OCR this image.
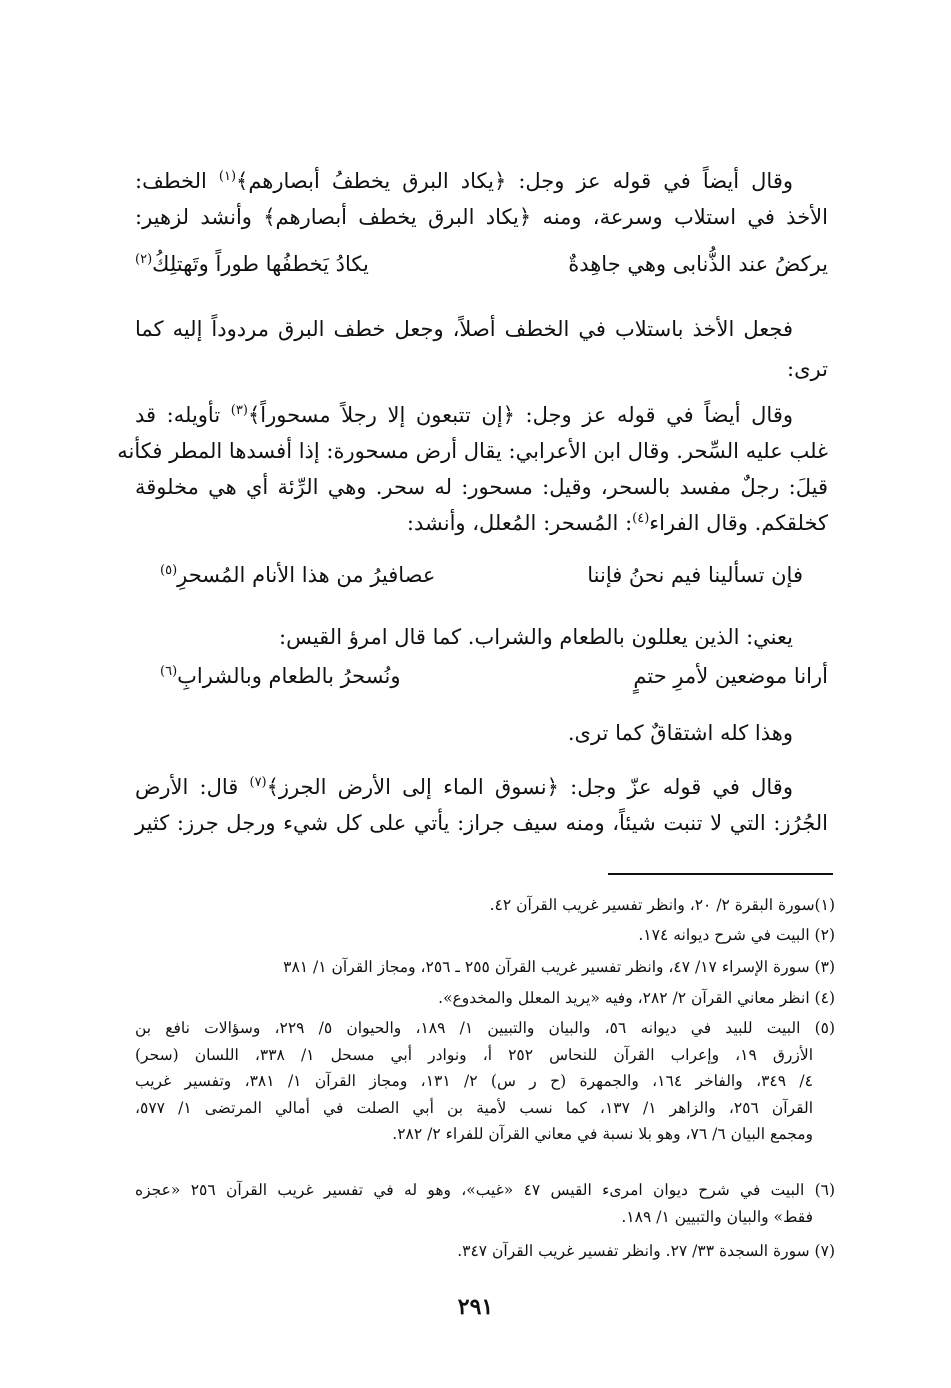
وقال أيضاً في قوله عز وجل: ﴿يكاد البرق يخطفُ أبصارهم﴾$^{(١)}$ الخطف:
الأخذ في استلاب وسرعة، ومنه ﴿يكاد البرق يخطف أبصارهم﴾ وأنشد لزهير:
يركضُ عند الذُّنابى وهي جاهِدةٌ
يكادُ يَخطفُها طوراً وتَهتلِكُ$^{(٢)}$
فجعل الأخذ باستلاب في الخطف أصلاً، وجعل خطف البرق مردوداً إليه كما
ترى:
وقال أيضاً في قوله عز وجل: ﴿إن تتبعون إلا رجلاً مسحوراً﴾$^{(٣)}$ تأويله: قد
غلب عليه السِّحر. وقال ابن الأعرابي: يقال أرض مسحورة: إذا أفسدها المطر فكأنه
قيلَ: رجلٌ مفسد بالسحر، وقيل: مسحور: له سحر. وهي الرِّئة أي هي مخلوقة
كخلقكم. وقال الفراء$^{(٤)}$: المُسحر: المُعلل، وأنشد:
فإن تسألينا فيم نحنُ فإننا
عصافيرُ من هذا الأنام المُسحرِ$^{(٥)}$
يعني: الذين يعللون بالطعام والشراب. كما قال امرؤ القيس:
أرانا موضعين لأمرِ حتمٍ
ونُسحرُ بالطعام وبالشرابِ$^{(٦)}$
وهذا كله اشتقاقٌ كما ترى.
وقال في قوله عزّ وجل: ﴿نسوق الماء إلى الأرض الجرز﴾$^{(٧)}$ قال: الأرض
الجُرُز: التي لا تنبت شيئاً، ومنه سيف جراز: يأتي على كل شيء ورجل جرز: كثير
(١)سورة البقرة ٢/ ٢٠، وانظر تفسير غريب القرآن ٤٢.
(٢) البيت في شرح ديوانه ١٧٤.
(٣) سورة الإسراء ١٧/ ٤٧، وانظر تفسير غريب القرآن ٢٥٥ ـ ٢٥٦، ومجاز القرآن ١/ ٣٨١
(٤) انظر معاني القرآن ٢/ ٢٨٢، وفيه «يريد المعلل والمخدوع».
(٥) البيت للبيد في ديوانه ٥٦، والبيان والتبيين ١/ ١٨٩، والحيوان ٥/ ٢٢٩، وسؤالات نافع بن
الأزرق ١٩، وإعراب القرآن للنحاس ٢٥٢ أ، ونوادر أبي مسحل ١/ ٣٣٨، اللسان (سحر)
٤/ ٣٤٩، والفاخر ١٦٤، والجمهرة (ح ر س) ٢/ ١٣١، ومجاز القرآن ١/ ٣٨١، وتفسير غريب
القرآن ٢٥٦، والزاهر ١/ ١٣٧، كما نسب لأمية بن أبي الصلت في أمالي المرتضى ١/ ٥٧٧،
ومجمع البيان ٦/ ٧٦، وهو بلا نسبة في معاني القرآن للفراء ٢/ ٢٨٢.
(٦) البيت في شرح ديوان امرىء القيس ٤٧ «غيب»، وهو له في تفسير غريب القرآن ٢٥٦ «عجزه
فقط» والبيان والتبيين ١/ ١٨٩.
(٧) سورة السجدة ٣٣/ ٢٧. وانظر تفسير غريب القرآن ٣٤٧.
٢٩١
